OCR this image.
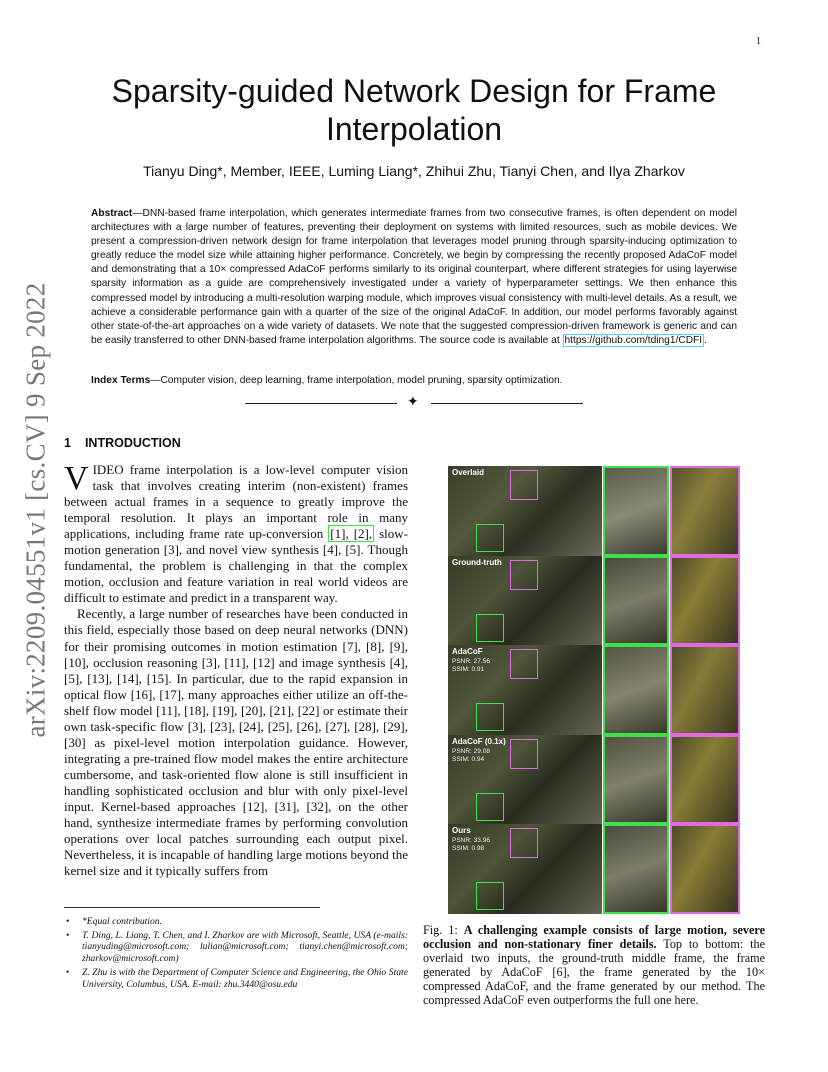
1
arXiv:2209.04551v1 [cs.CV] 9 Sep 2022
Sparsity-guided Network Design for Frame Interpolation
Tianyu Ding*, Member, IEEE, Luming Liang*, Zhihui Zhu, Tianyi Chen, and Ilya Zharkov
Abstract—DNN-based frame interpolation, which generates intermediate frames from two consecutive frames, is often dependent on model architectures with a large number of features, preventing their deployment on systems with limited resources, such as mobile devices. We present a compression-driven network design for frame interpolation that leverages model pruning through sparsity-inducing optimization to greatly reduce the model size while attaining higher performance. Concretely, we begin by compressing the recently proposed AdaCoF model and demonstrating that a 10× compressed AdaCoF performs similarly to its original counterpart, where different strategies for using layerwise sparsity information as a guide are comprehensively investigated under a variety of hyperparameter settings. We then enhance this compressed model by introducing a multi-resolution warping module, which improves visual consistency with multi-level details. As a result, we achieve a considerable performance gain with a quarter of the size of the original AdaCoF. In addition, our model performs favorably against other state-of-the-art approaches on a wide variety of datasets. We note that the suggested compression-driven framework is generic and can be easily transferred to other DNN-based frame interpolation algorithms. The source code is available at https://github.com/tding1/CDFI .
Index Terms—Computer vision, deep learning, frame interpolation, model pruning, sparsity optimization.
✦
1 INTRODUCTION

VIDEO frame interpolation is a low-level computer vision task that involves creating interim (non-existent) frames between actual frames in a sequence to greatly improve the temporal resolution. It plays an important role in many applications, including frame rate up-conversion [1], [2], slow-motion generation [3], and novel view synthesis [4], [5]. Though fundamental, the problem is challenging in that the complex motion, occlusion and feature variation in real world videos are difficult to estimate and predict in a transparent way.

Recently, a large number of researches have been conducted in this field, especially those based on deep neural networks (DNN) for their promising outcomes in motion estimation [7], [8], [9], [10], occlusion reasoning [3], [11], [12] and image synthesis [4], [5], [13], [14], [15]. In particular, due to the rapid expansion in optical flow [16], [17], many approaches either utilize an off-the-shelf flow model [11], [18], [19], [20], [21], [22] or estimate their own task-specific flow [3], [23], [24], [25], [26], [27], [28], [29], [30] as pixel-level motion interpolation guidance. However, integrating a pre-trained flow model makes the entire architecture cumbersome, and task-oriented flow alone is still insufficient in handling sophisticated occlusion and blur with only pixel-level input. Kernel-based approaches [12], [31], [32], on the other hand, synthesize intermediate frames by performing convolution operations over local patches surrounding each output pixel. Nevertheless, it is incapable of handling large motions beyond the kernel size and it typically suffers from

• *Equal contribution.
• T. Ding, L. Liang, T. Chen, and I. Zharkov are with Microsoft, Seattle, USA (e-mails: tianyuding@microsoft.com; lulian@microsoft.com; tianyi.chen@microsoft.com; zharkov@microsoft.com)
• Z. Zhu is with the Department of Computer Science and Engineering, the Ohio State University, Columbus, USA. E-mail: zhu.3440@osu.edu
Overlaid
Ground-truth
AdaCoF
PSNR: 27.56
SSIM: 0.91
AdaCoF (0.1x)
PSNR: 29.08
SSIM: 0.94
Ours
PSNR: 33.96
SSIM: 0.98
Fig. 1: A challenging example consists of large motion, severe occlusion and non-stationary finer details. Top to bottom: the overlaid two inputs, the ground-truth middle frame, the frame generated by AdaCoF [6], the frame generated by the 10× compressed AdaCoF, and the frame generated by our method. The compressed AdaCoF even outperforms the full one here.
